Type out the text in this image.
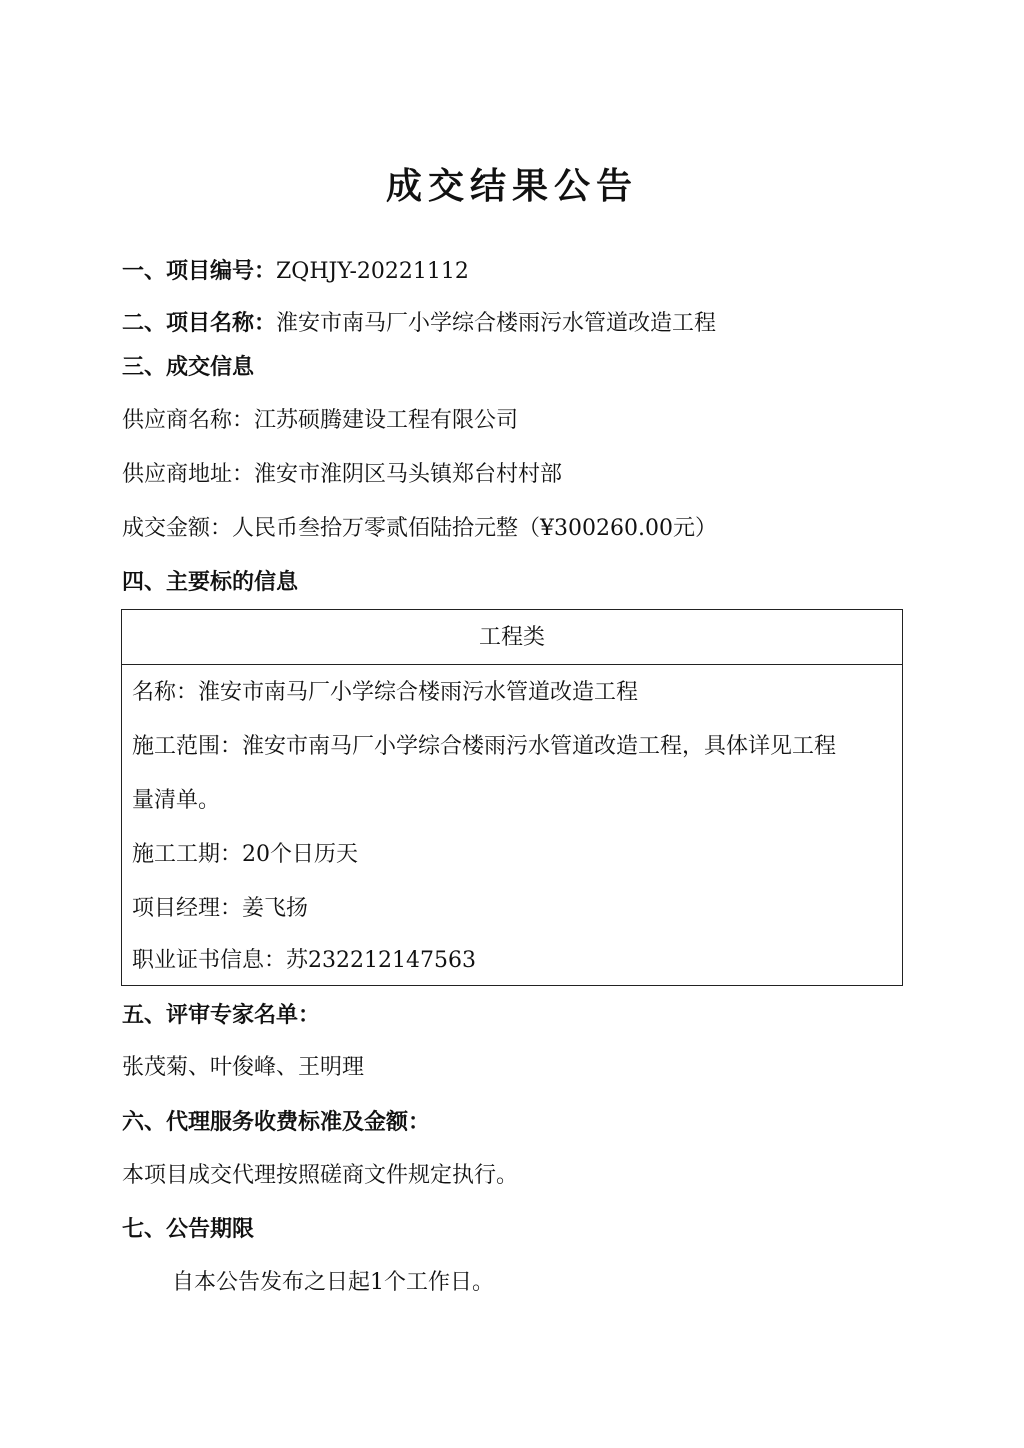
成交结果公告
一、项目编号：ZQHJY-20221112
二、项目名称：淮安市南马厂小学综合楼雨污水管道改造工程
三、成交信息
供应商名称：江苏硕腾建设工程有限公司
供应商地址：淮安市淮阴区马头镇郑台村村部
成交金额：人民币叁拾万零贰佰陆拾元整（¥300260.00元）
四、主要标的信息
工程类
名称：淮安市南马厂小学综合楼雨污水管道改造工程
施工范围：淮安市南马厂小学综合楼雨污水管道改造工程，具体详见工程
量清单。
施工工期：20个日历天
项目经理：姜飞扬
职业证书信息：苏232212147563
五、评审专家名单：
张茂菊、叶俊峰、王明理
六、代理服务收费标准及金额：
本项目成交代理按照磋商文件规定执行。
七、公告期限
自本公告发布之日起1个工作日。
